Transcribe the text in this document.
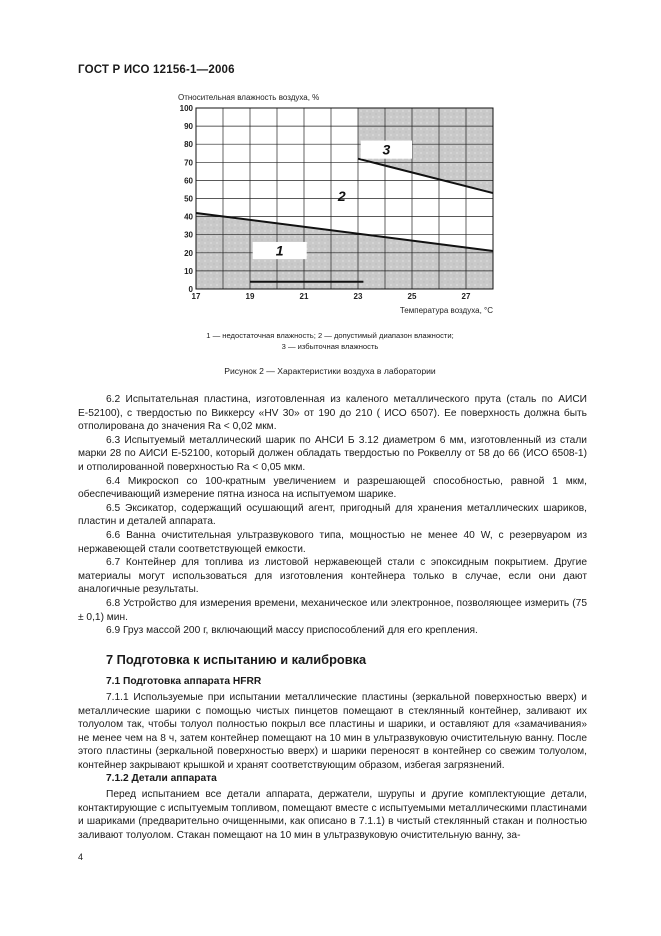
ГОСТ Р ИСО 12156-1—2006
Относительная влажность воздуха, %
Температура воздуха, °С
1
2
3
0
10
20
30
40
50
60
70
80
90
100
17	19	21	23	25	27
1 — недостаточная влажность; 2 — допустимый диапазон влажности;
3 — избыточная влажность
Рисунок 2 — Характеристики воздуха в лаборатории

6.2 Испытательная пластина, изготовленная из каленого металлического прута (сталь по АИСИ Е-52100), с твердостью по Виккерсу «HV 30» от 190 до 210 ( ИСО 6507). Ее поверхность должна быть отполирована до значения Ra < 0,02 мкм.

6.3 Испытуемый металлический шарик по АНСИ Б 3.12 диаметром 6 мм, изготовленный из стали марки 28 по АИСИ Е-52100, который должен обладать твердостью по Роквеллу от 58 до 66 (ИСО 6508-1) и отполированной поверхностью Ra < 0,05 мкм.

6.4 Микроскоп со 100-кратным увеличением и разрешающей способностью, равной 1 мкм, обеспечивающий измерение пятна износа на испытуемом шарике.

6.5 Эксикатор, содержащий осушающий агент, пригодный для хранения металлических шариков, пластин и деталей аппарата.

6.6 Ванна очистительная ультразвукового типа, мощностью не менее 40 W, с резервуаром из нержавеющей стали соответствующей емкости.

6.7 Контейнер для топлива из листовой нержавеющей стали с эпоксидным покрытием. Другие материалы могут использоваться для изготовления контейнера только в случае, если они дают аналогичные результаты.

6.8 Устройство для измерения времени, механическое или электронное, позволяющее измерить (75 ± 0,1) мин.

6.9 Груз массой 200 г, включающий массу приспособлений для его крепления.

7 Подготовка к испытанию и калибровка
7.1 Подготовка аппарата HFRR

7.1.1 Используемые при испытании металлические пластины (зеркальной поверхностью вверх) и металлические шарики с помощью чистых пинцетов помещают в стеклянный контейнер, заливают их толуолом так, чтобы толуол полностью покрыл все пластины и шарики, и оставляют для «замачивания» не менее чем на 8 ч, затем контейнер помещают на 10 мин в ультразвуковую очистительную ванну. После этого пластины (зеркальной поверхностью вверх) и шарики переносят в контейнер со свежим толуолом, контейнер закрывают крышкой и хранят соответствующим образом, избегая загрязнений.

7.1.2 Детали аппарата

Перед испытанием все детали аппарата, держатели, шурупы и другие комплектующие детали, контактирующие с испытуемым топливом, помещают вместе с испытуемыми металлическими пластинами и шариками (предварительно очищенными, как описано в 7.1.1) в чистый стеклянный стакан и полностью заливают толуолом. Стакан помещают на 10 мин в ультразвуковую очистительную ванну, за-

4
